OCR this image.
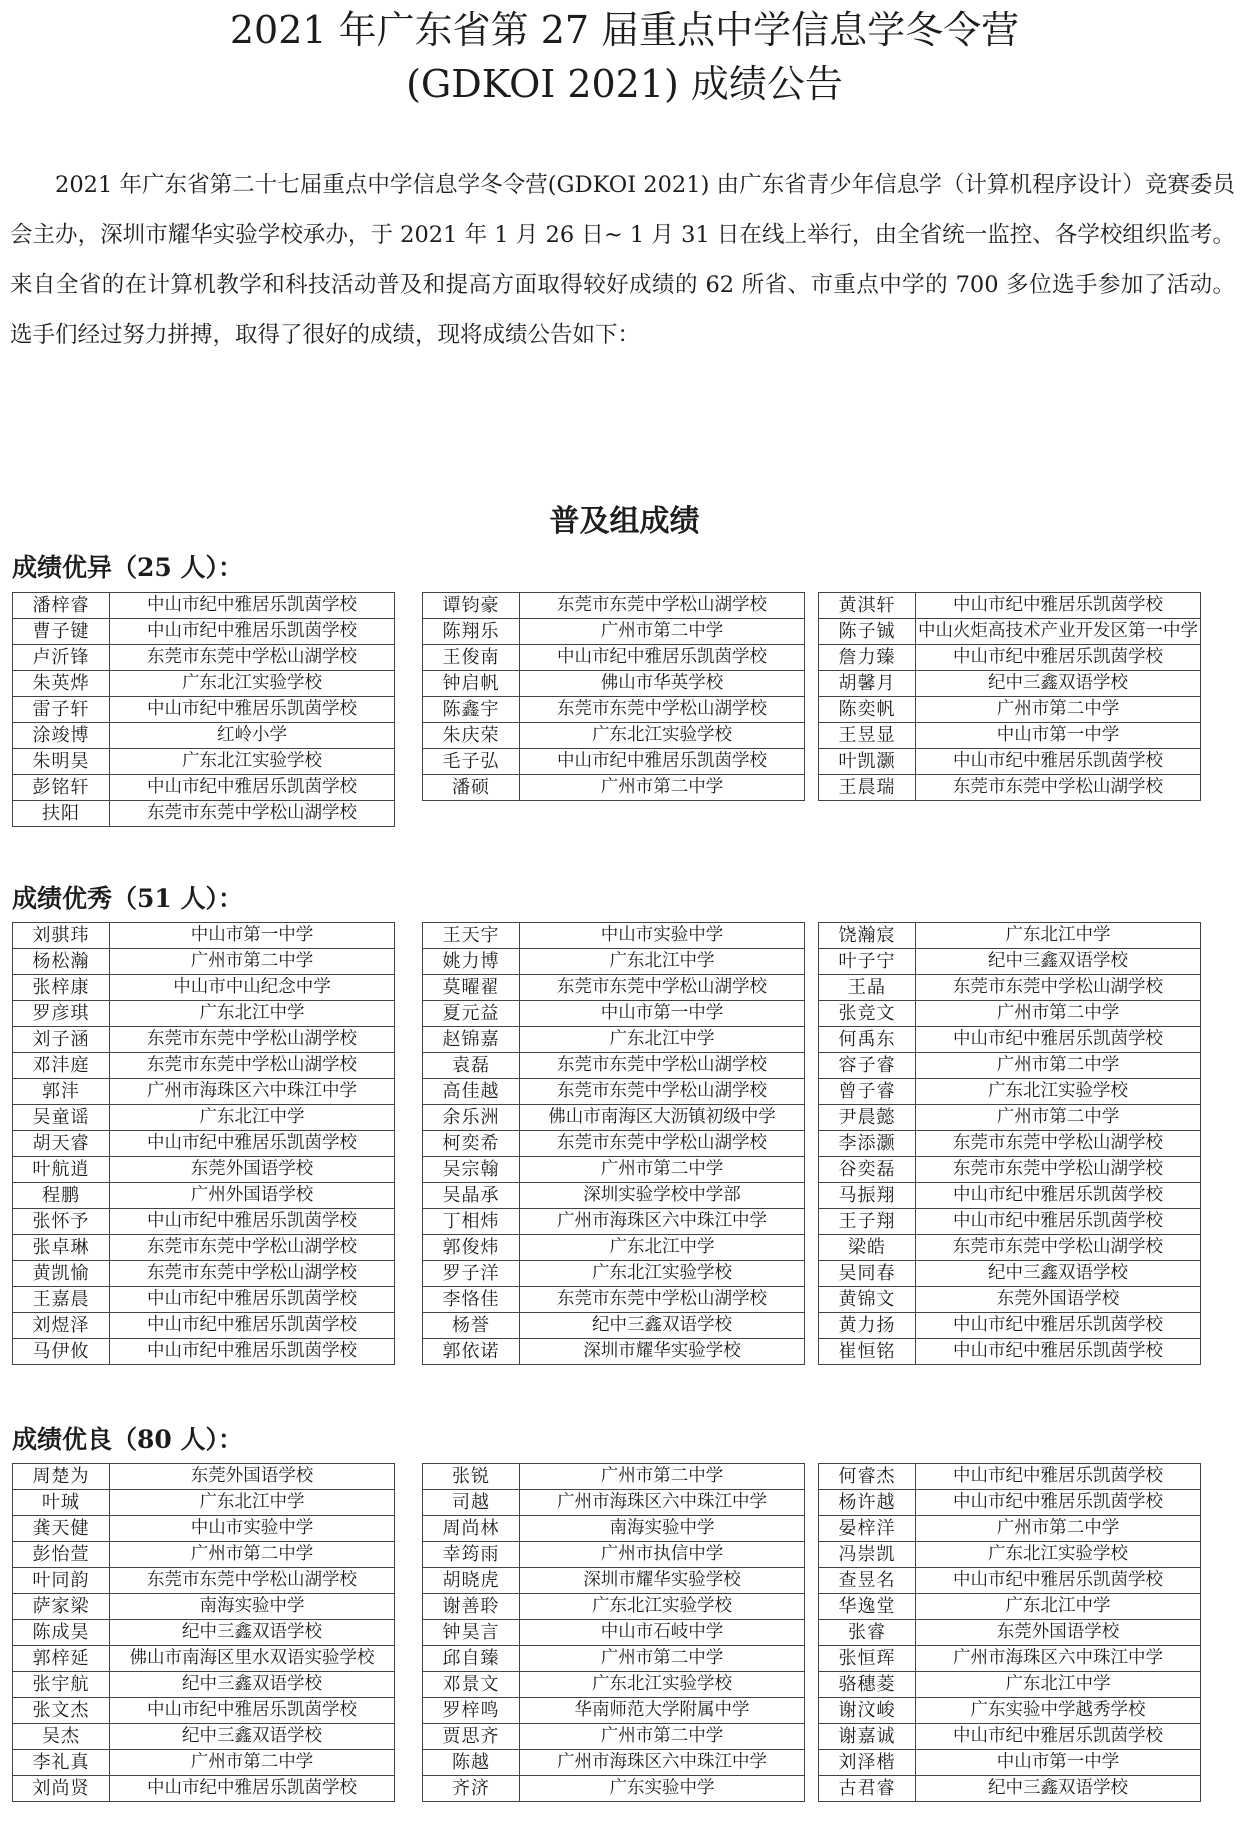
2021 年广东省第 27 届重点中学信息学冬令营
(GDKOI 2021) 成绩公告
2021 年广东省第二十七届重点中学信息学冬令营(GDKOI 2021) 由广东省青少年信息学（计算机程序设计）竞赛委员会主办，深圳市耀华实验学校承办，于 2021 年 1 月 26 日~ 1 月 31 日在线上举行，由全省统一监控、各学校组织监考。来自全省的在计算机教学和科技活动普及和提高方面取得较好成绩的 62 所省、市重点中学的 700 多位选手参加了活动。选手们经过努力拼搏，取得了很好的成绩，现将成绩公告如下：
普及组成绩
成绩优异（25 人）：
成绩优秀（51 人）：
成绩优良（80 人）：
潘梓睿	中山市纪中雅居乐凯茵学校
曹子键	中山市纪中雅居乐凯茵学校
卢沂锋	东莞市东莞中学松山湖学校
朱英烨	广东北江实验学校
雷子轩	中山市纪中雅居乐凯茵学校
涂竣博	红岭小学
朱明昊	广东北江实验学校
彭铭轩	中山市纪中雅居乐凯茵学校
扶阳	东莞市东莞中学松山湖学校
谭钧豪	东莞市东莞中学松山湖学校
陈翔乐	广州市第二中学
王俊南	中山市纪中雅居乐凯茵学校
钟启帆	佛山市华英学校
陈鑫宇	东莞市东莞中学松山湖学校
朱庆荣	广东北江实验学校
毛子弘	中山市纪中雅居乐凯茵学校
潘硕	广州市第二中学
黄淇轩	中山市纪中雅居乐凯茵学校
陈子铖	中山火炬高技术产业开发区第一中学
詹力臻	中山市纪中雅居乐凯茵学校
胡馨月	纪中三鑫双语学校
陈奕帆	广州市第二中学
王昱显	中山市第一中学
叶凯灏	中山市纪中雅居乐凯茵学校
王晨瑞	东莞市东莞中学松山湖学校
刘骐玮	中山市第一中学
杨松瀚	广州市第二中学
张梓康	中山市中山纪念中学
罗彦琪	广东北江中学
刘子涵	东莞市东莞中学松山湖学校
邓沣庭	东莞市东莞中学松山湖学校
郭沣	广州市海珠区六中珠江中学
吴童谣	广东北江中学
胡天睿	中山市纪中雅居乐凯茵学校
叶航逍	东莞外国语学校
程鹏	广州外国语学校
张怀予	中山市纪中雅居乐凯茵学校
张卓琳	东莞市东莞中学松山湖学校
黄凯愉	东莞市东莞中学松山湖学校
王嘉晨	中山市纪中雅居乐凯茵学校
刘煜泽	中山市纪中雅居乐凯茵学校
马伊攸	中山市纪中雅居乐凯茵学校
王天宇	中山市实验中学
姚力博	广东北江中学
莫曜翟	东莞市东莞中学松山湖学校
夏元益	中山市第一中学
赵锦嘉	广东北江中学
袁磊	东莞市东莞中学松山湖学校
高佳越	东莞市东莞中学松山湖学校
余乐洲	佛山市南海区大沥镇初级中学
柯奕希	东莞市东莞中学松山湖学校
吴宗翰	广州市第二中学
吴晶承	深圳实验学校中学部
丁相炜	广州市海珠区六中珠江中学
郭俊炜	广东北江中学
罗子洋	广东北江实验学校
李恪佳	东莞市东莞中学松山湖学校
杨誉	纪中三鑫双语学校
郭依诺	深圳市耀华实验学校
饶瀚宸	广东北江中学
叶子宁	纪中三鑫双语学校
王晶	东莞市东莞中学松山湖学校
张竞文	广州市第二中学
何禹东	中山市纪中雅居乐凯茵学校
容子睿	广州市第二中学
曾子睿	广东北江实验学校
尹晨懿	广州市第二中学
李添灏	东莞市东莞中学松山湖学校
谷奕磊	东莞市东莞中学松山湖学校
马振翔	中山市纪中雅居乐凯茵学校
王子翔	中山市纪中雅居乐凯茵学校
梁皓	东莞市东莞中学松山湖学校
吴同春	纪中三鑫双语学校
黄锦文	东莞外国语学校
黄力扬	中山市纪中雅居乐凯茵学校
崔恒铭	中山市纪中雅居乐凯茵学校
周楚为	东莞外国语学校
叶珹	广东北江中学
龚天健	中山市实验中学
彭怡萱	广州市第二中学
叶同韵	东莞市东莞中学松山湖学校
萨家梁	南海实验中学
陈成昊	纪中三鑫双语学校
郭梓延	佛山市南海区里水双语实验学校
张宇航	纪中三鑫双语学校
张文杰	中山市纪中雅居乐凯茵学校
吴杰	纪中三鑫双语学校
李礼真	广州市第二中学
刘尚贤	中山市纪中雅居乐凯茵学校
张锐	广州市第二中学
司越	广州市海珠区六中珠江中学
周尚林	南海实验中学
幸筠雨	广州市执信中学
胡晓虎	深圳市耀华实验学校
谢善聆	广东北江实验学校
钟昊言	中山市石岐中学
邱自臻	广州市第二中学
邓景文	广东北江实验学校
罗梓鸣	华南师范大学附属中学
贾思齐	广州市第二中学
陈越	广州市海珠区六中珠江中学
齐济	广东实验中学
何睿杰	中山市纪中雅居乐凯茵学校
杨许越	中山市纪中雅居乐凯茵学校
晏梓洋	广州市第二中学
冯崇凯	广东北江实验学校
查昱名	中山市纪中雅居乐凯茵学校
华逸堂	广东北江中学
张睿	东莞外国语学校
张恒珲	广州市海珠区六中珠江中学
骆穗菱	广东北江中学
谢汶峻	广东实验中学越秀学校
谢嘉诚	中山市纪中雅居乐凯茵学校
刘泽楷	中山市第一中学
古君睿	纪中三鑫双语学校
